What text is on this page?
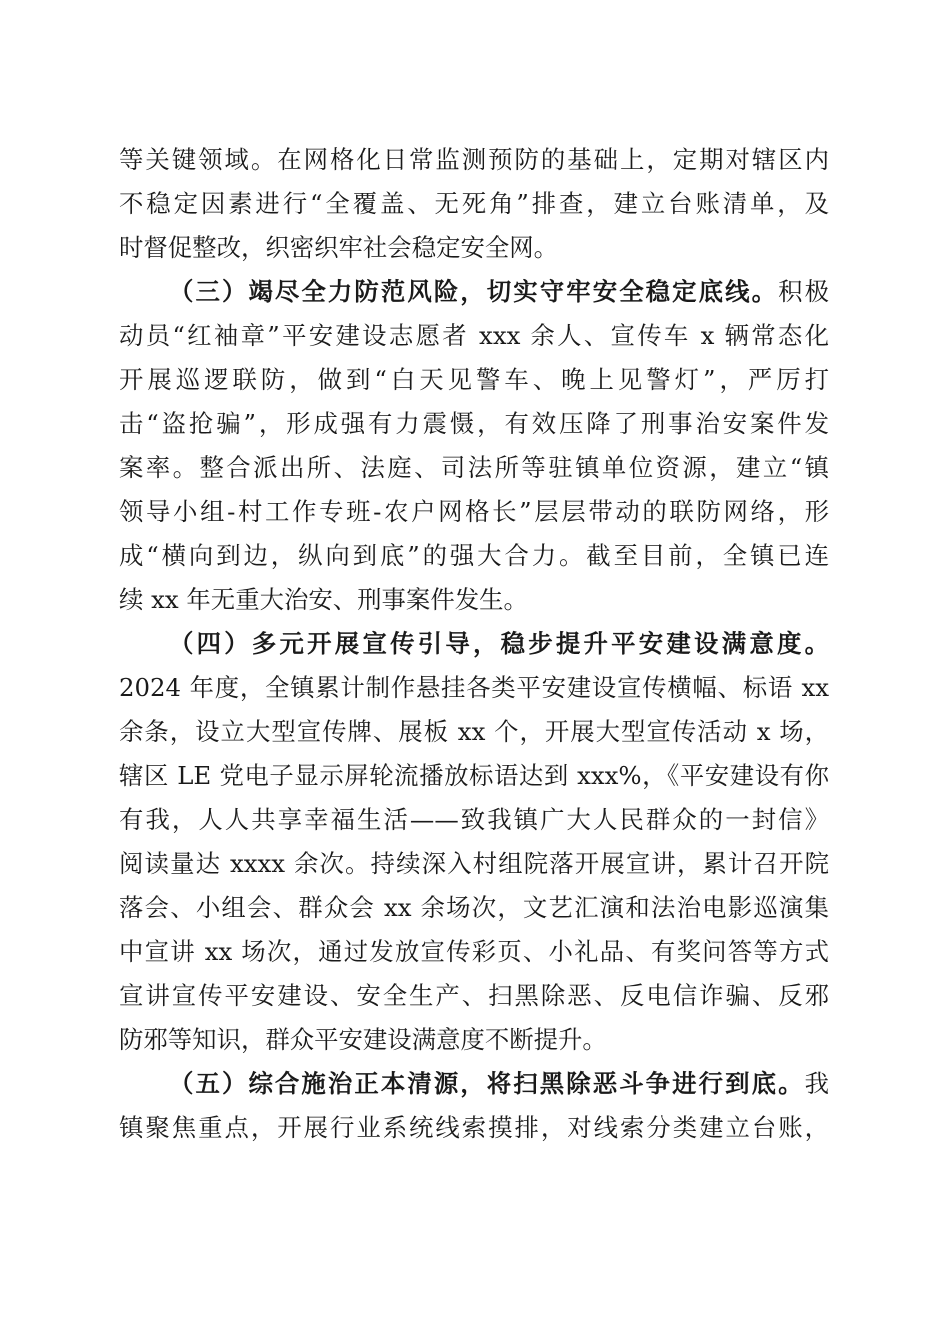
等关键领域。在网格化日常监测预防的基础上，定期对辖区内
不稳定因素进行“全覆盖、无死角”排查，建立台账清单，及
时督促整改，织密织牢社会稳定安全网。
（三）竭尽全力防范风险，切实守牢安全稳定底线。积极
动员“红袖章”平安建设志愿者 xxx 余人、宣传车 x 辆常态化
开展巡逻联防，做到“白天见警车、晚上见警灯”，严厉打
击“盗抢骗”，形成强有力震慑，有效压降了刑事治安案件发
案率。整合派出所、法庭、司法所等驻镇单位资源，建立“镇
领导小组-村工作专班-农户网格长”层层带动的联防网络，形
成“横向到边，纵向到底”的强大合力。截至目前，全镇已连
续 xx 年无重大治安、刑事案件发生。
（四）多元开展宣传引导，稳步提升平安建设满意度。
2024 年度，全镇累计制作悬挂各类平安建设宣传横幅、标语 xx
余条，设立大型宣传牌、展板 xx 个，开展大型宣传活动 x 场，
辖区 LE 党电子显示屏轮流播放标语达到 xxx%，《平安建设有你
有我，人人共享幸福生活——致我镇广大人民群众的一封信》
阅读量达 xxxx 余次。持续深入村组院落开展宣讲，累计召开院
落会、小组会、群众会 xx 余场次，文艺汇演和法治电影巡演集
中宣讲 xx 场次，通过发放宣传彩页、小礼品、有奖问答等方式
宣讲宣传平安建设、安全生产、扫黑除恶、反电信诈骗、反邪
防邪等知识，群众平安建设满意度不断提升。
（五）综合施治正本清源，将扫黑除恶斗争进行到底。我
镇聚焦重点，开展行业系统线索摸排，对线索分类建立台账，
